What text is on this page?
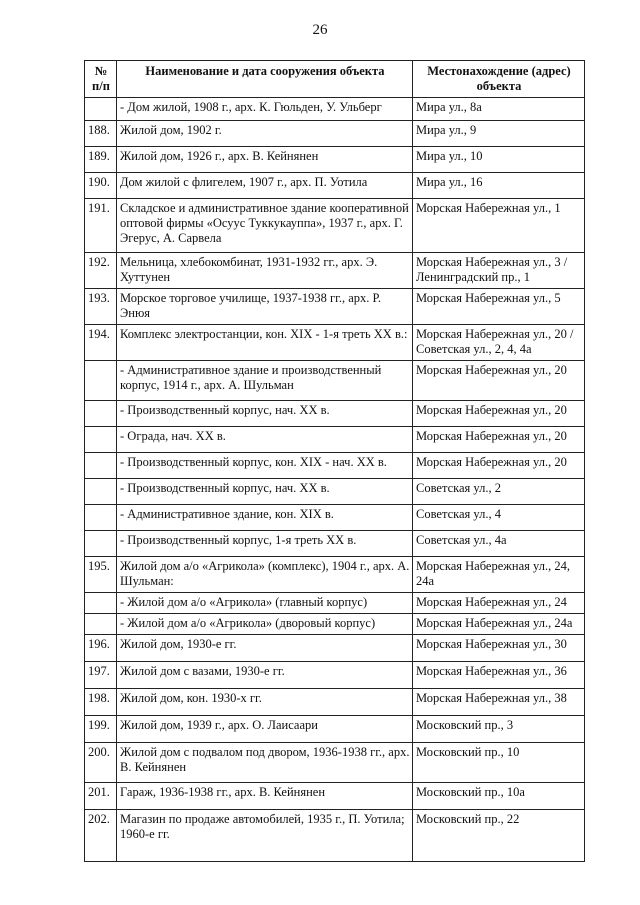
26
№ п/п	Наименование и дата сооружения объекта	Местонахождение (адрес) объекта
	- Дом жилой, 1908 г., арх. К. Гюльден, У. Ульберг	Мира ул., 8а
188.	Жилой дом, 1902 г.	Мира ул., 9
189.	Жилой дом, 1926 г., арх. В. Кейнянен	Мира ул., 10
190.	Дом жилой с флигелем, 1907 г., арх. П. Уотила	Мира ул., 16
191.	Складское и административное здание кооперативной оптовой фирмы «Осуус Туккукауппа», 1937 г., арх. Г. Эгерус, А. Сарвела	Морская Набережная ул., 1
192.	Мельница, хлебокомбинат, 1931-1932 гг., арх. Э. Хуттунен	Морская Набережная ул., 3 / Ленинградский пр., 1
193.	Морское торговое училище, 1937-1938 гг., арх. Р. Энюя	Морская Набережная ул., 5
194.	Комплекс электростанции, кон. XIX - 1-я треть XX в.:	Морская Набережная ул., 20 / Советская ул., 2, 4, 4а
	- Административное здание и производственный корпус, 1914 г., арх. А. Шульман	Морская Набережная ул., 20
	- Производственный корпус, нач. XX в.	Морская Набережная ул., 20
	- Ограда, нач. XX в.	Морская Набережная ул., 20
	- Производственный корпус, кон. XIX - нач. XX в.	Морская Набережная ул., 20
	- Производственный корпус, нач. XX в.	Советская ул., 2
	- Административное здание, кон. XIX в.	Советская ул., 4
	- Производственный корпус, 1-я треть XX в.	Советская ул., 4а
195.	Жилой дом а/о «Агрикола» (комплекс), 1904 г., арх. А. Шульман:	Морская Набережная ул., 24, 24а
	- Жилой дом а/о «Агрикола» (главный корпус)	Морская Набережная ул., 24
	- Жилой дом а/о «Агрикола» (дворовый корпус)	Морская Набережная ул., 24а
196.	Жилой дом, 1930-е гг.	Морская Набережная ул., 30
197.	Жилой дом с вазами, 1930-е гг.	Морская Набережная ул., 36
198.	Жилой дом, кон. 1930-х гг.	Морская Набережная ул., 38
199.	Жилой дом, 1939 г., арх. О. Лаисаари	Московский пр., 3
200.	Жилой дом с подвалом под двором, 1936-1938 гг., арх. В. Кейнянен	Московский пр., 10
201.	Гараж, 1936-1938 гг., арх. В. Кейнянен	Московский пр., 10а
202.	Магазин по продаже автомобилей, 1935 г., П. Уотила; 1960-е гг.	Московский пр., 22
